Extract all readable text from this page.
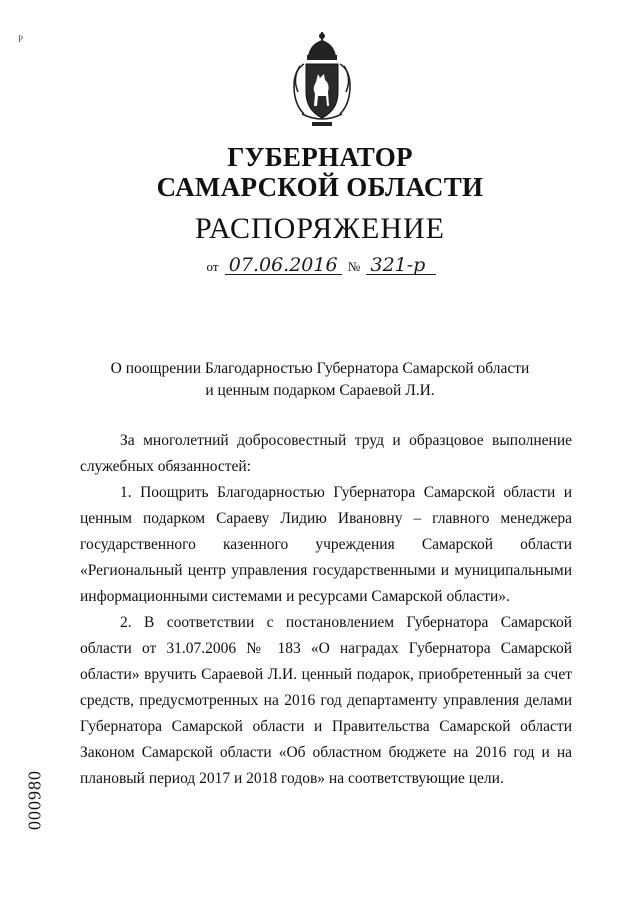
P
ГУБЕРНАТОР
САМАРСКОЙ ОБЛАСТИ
РАСПОРЯЖЕНИЕ
от 07.06.2016 № 321-р
О поощрении Благодарностью Губернатора Самарской области
и ценным подарком Сараевой Л.И.

За многолетний добросовестный труд и образцовое выполнение служебных обязанностей:

1. Поощрить Благодарностью Губернатора Самарской области и ценным подарком Сараеву Лидию Ивановну – главного менеджера государственного казенного учреждения Самарской области «Региональный центр управления государственными и муниципальными информационными системами и ресурсами Самарской области».

2. В соответствии с постановлением Губернатора Самарской области от 31.07.2006 № 183 «О наградах Губернатора Самарской области» вручить Сараевой Л.И. ценный подарок, приобретенный за счет средств, предусмотренных на 2016 год департаменту управления делами Губернатора Самарской области и Правительства Самарской области Законом Самарской области «Об областном бюджете на 2016 год и на плановый период 2017 и 2018 годов» на соответствующие цели.

000980
